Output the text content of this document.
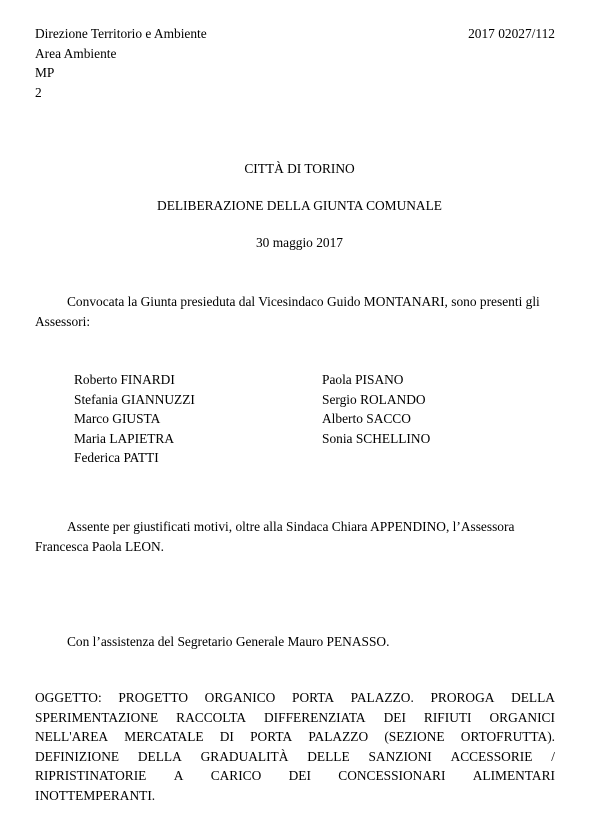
Direzione Territorio e Ambiente
Area Ambiente
MP
2
2017 02027/112
CITTÀ DI TORINO
DELIBERAZIONE DELLA GIUNTA COMUNALE
30 maggio 2017
Convocata la Giunta presieduta dal Vicesindaco Guido MONTANARI, sono presenti gli
Assessori:
Roberto FINARDI
Stefania GIANNUZZI
Marco GIUSTA
Maria LAPIETRA
Federica PATTI
Paola PISANO
Sergio ROLANDO
Alberto SACCO
Sonia SCHELLINO
Assente per giustificati motivi, oltre alla Sindaca Chiara APPENDINO, l’Assessora
Francesca Paola LEON.
Con l’assistenza del Segretario Generale Mauro PENASSO.
OGGETTO: PROGETTO ORGANICO PORTA PALAZZO. PROROGA DELLA
SPERIMENTAZIONE RACCOLTA DIFFERENZIATA DEI RIFIUTI ORGANICI
NELL'AREA MERCATALE DI PORTA PALAZZO (SEZIONE ORTOFRUTTA).
DEFINIZIONE DELLA GRADUALITÀ DELLE SANZIONI ACCESSORIE /
RIPRISTINATORIE A CARICO DEI CONCESSIONARI ALIMENTARI
INOTTEMPERANTI.
